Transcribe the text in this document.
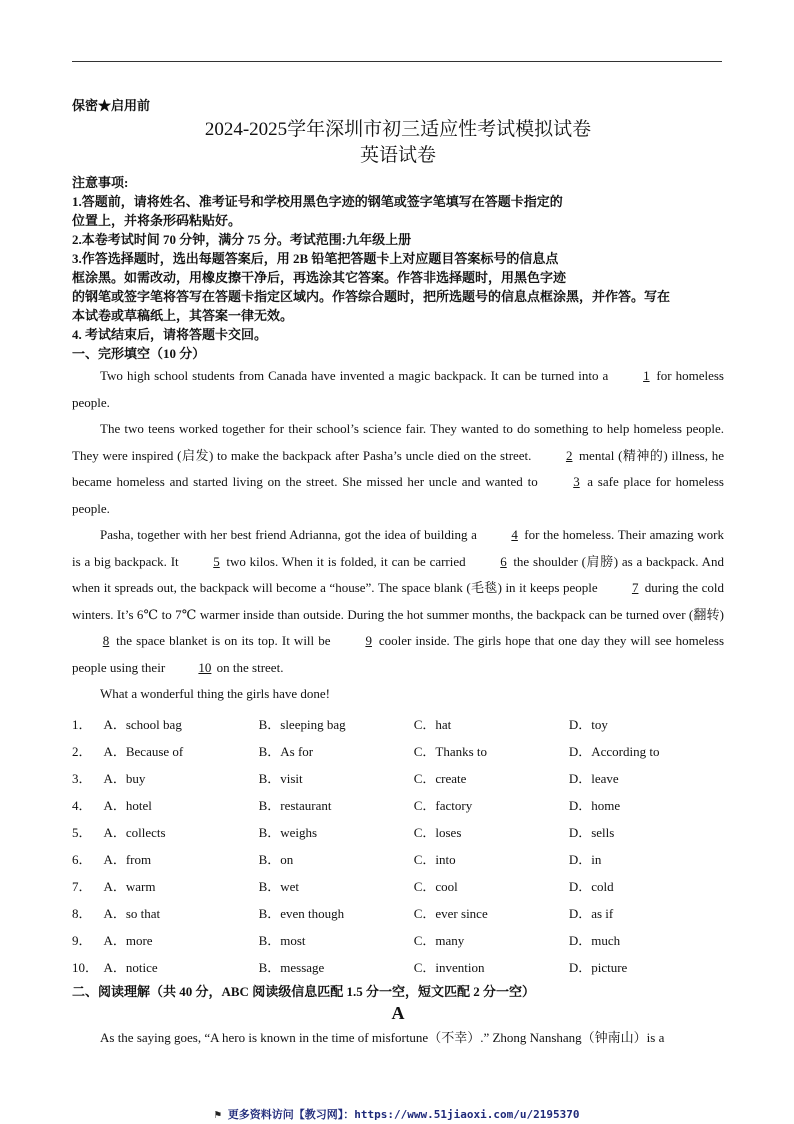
保密★启用前
2024-2025学年深圳市初三适应性考试模拟试卷
英语试卷
注意事项:
1.答题前，请将姓名、准考证号和学校用黑色字迹的钢笔或签字笔填写在答题卡指定的
位置上，并将条形码粘贴好。
2.本卷考试时间 70 分钟，满分 75 分。考试范围:九年级上册
3.作答选择题时，选出每题答案后，用 2B 铅笔把答题卡上对应题目答案标号的信息点
框涂黑。如需改动，用橡皮擦干净后，再选涂其它答案。作答非选择题时，用黑色字迹
的钢笔或签字笔将答写在答题卡指定区域内。作答综合题时，把所选题号的信息点框涂黑，并作答。写在
本试卷或草稿纸上，其答案一律无效。
4. 考试结束后，请将答题卡交回。
一、完形填空（10 分）
Two high school students from Canada have invented a magic backpack. It can be turned into a 1 for homeless people.
The two teens worked together for their school’s science fair. They wanted to do something to help homeless people. They were inspired (启发) to make the backpack after Pasha’s uncle died on the street. 2 mental (精神的) illness, he became homeless and started living on the street. She missed her uncle and wanted to 3 a safe place for homeless people.
Pasha, together with her best friend Adrianna, got the idea of building a 4 for the homeless. Their amazing work is a big backpack. It 5 two kilos. When it is folded, it can be carried 6 the shoulder (肩膀) as a backpack. And when it spreads out, the backpack will become a “house”. The space blank (毛毯) in it keeps people 7 during the cold winters. It’s 6℃ to 7℃ warmer inside than outside. During the hot summer months, the backpack can be turned over (翻转) 8 the space blanket is on its top. It will be 9 cooler inside. The girls hope that one day they will see homeless people using their 10 on the street.
What a wonderful thing the girls have done!
1．	A．school bag	B．sleeping bag	C．hat	D．toy
2．	A．Because of	B．As for	C．Thanks to	D．According to
3．	A．buy	B．visit	C．create	D．leave
4．	A．hotel	B．restaurant	C．factory	D．home
5．	A．collects	B．weighs	C．loses	D．sells
6．	A．from	B．on	C．into	D．in
7．	A．warm	B．wet	C．cool	D．cold
8．	A．so that	B．even though	C．ever since	D．as if
9．	A．more	B．most	C．many	D．much
10．	A．notice	B．message	C．invention	D．picture
二、阅读理解（共 40 分，ABC 阅读级信息匹配 1.5 分一空，短文匹配 2 分一空）
A
As the saying goes, “A hero is known in the time of misfortune（不幸）.” Zhong Nanshang（钟南山）is a
⚑ 更多资料访问【教习网】：https://www.51jiaoxi.com/u/2195370
